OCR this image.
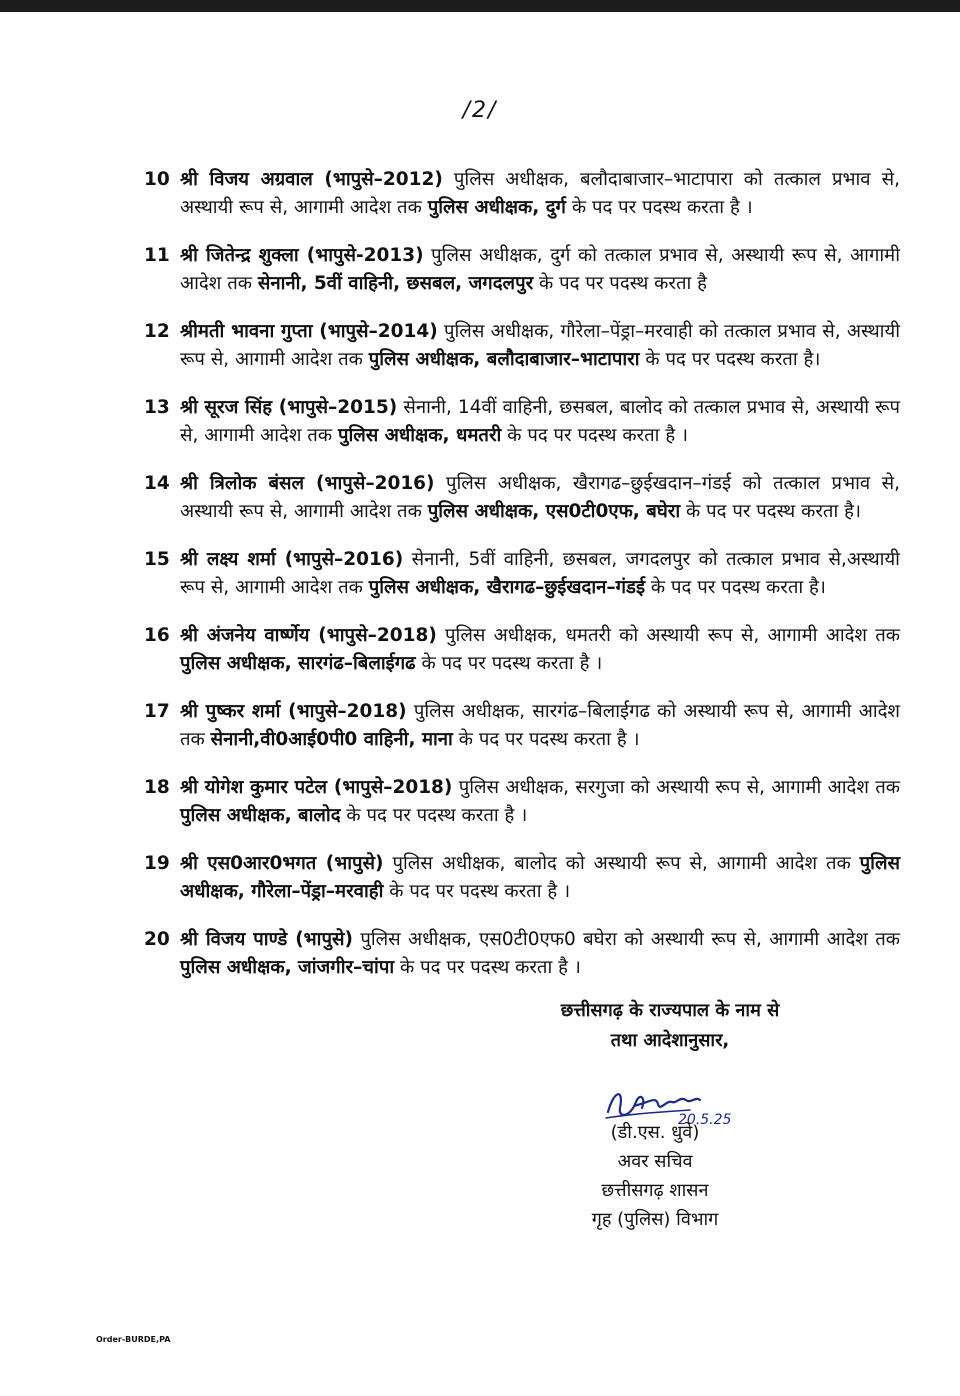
/2/
10 श्री विजय अग्रवाल (भापुसे–2012) पुलिस अधीक्षक, बलौदाबाजार–भाटापारा को तत्काल प्रभाव से, अस्थायी रूप से, आगामी आदेश तक पुलिस अधीक्षक, दुर्ग के पद पर पदस्थ करता है ।
11 श्री जितेन्द्र शुक्ला (भापुसे-2013) पुलिस अधीक्षक, दुर्ग को तत्काल प्रभाव से, अस्थायी रूप से, आगामी आदेश तक सेनानी, 5वीं वाहिनी, छसबल, जगदलपुर के पद पर पदस्थ करता है
12 श्रीमती भावना गुप्ता (भापुसे–2014) पुलिस अधीक्षक, गौरेला–पेंड्रा–मरवाही को तत्काल प्रभाव से, अस्थायी रूप से, आगामी आदेश तक पुलिस अधीक्षक, बलौदाबाजार–भाटापारा के पद पर पदस्थ करता है।
13 श्री सूरज सिंह (भापुसे–2015) सेनानी, 14वीं वाहिनी, छसबल, बालोद को तत्काल प्रभाव से, अस्थायी रूप से, आगामी आदेश तक पुलिस अधीक्षक, धमतरी के पद पर पदस्थ करता है ।
14 श्री त्रिलोक बंसल (भापुसे–2016) पुलिस अधीक्षक, खैरागढ–छुईखदान–गंडई को तत्काल प्रभाव से, अस्थायी रूप से, आगामी आदेश तक पुलिस अधीक्षक, एस0टी0एफ, बघेरा के पद पर पदस्थ करता है।
15 श्री लक्ष्य शर्मा (भापुसे–2016) सेनानी, 5वीं वाहिनी, छसबल, जगदलपुर को तत्काल प्रभाव से,अस्थायी रूप से, आगामी आदेश तक पुलिस अधीक्षक, खैरागढ–छुईखदान–गंडई के पद पर पदस्थ करता है।
16 श्री अंजनेय वार्ष्णेय (भापुसे–2018) पुलिस अधीक्षक, धमतरी को अस्थायी रूप से, आगामी आदेश तक पुलिस अधीक्षक, सारगंढ–बिलाईगढ के पद पर पदस्थ करता है ।
17 श्री पुष्कर शर्मा (भापुसे–2018) पुलिस अधीक्षक, सारगंढ–बिलाईगढ को अस्थायी रूप से, आगामी आदेश तक सेनानी,वी0आई0पी0 वाहिनी, माना के पद पर पदस्थ करता है ।
18 श्री योगेश कुमार पटेल (भापुसे–2018) पुलिस अधीक्षक, सरगुजा को अस्थायी रूप से, आगामी आदेश तक पुलिस अधीक्षक, बालोद के पद पर पदस्थ करता है ।
19 श्री एस0आर0भगत (भापुसे) पुलिस अधीक्षक, बालोद को अस्थायी रूप से, आगामी आदेश तक पुलिस अधीक्षक, गौरेला–पेंड्रा–मरवाही के पद पर पदस्थ करता है ।
20 श्री विजय पाण्डे (भापुसे) पुलिस अधीक्षक, एस0टी0एफ0 बघेरा को अस्थायी रूप से, आगामी आदेश तक पुलिस अधीक्षक, जांजगीर–चांपा के पद पर पदस्थ करता है ।
छत्तीसगढ़ के राज्यपाल के नाम से
तथा आदेशानुसार,
20.5.25
(डी.एस. धुवे)
अवर सचिव
छत्तीसगढ़ शासन
गृह (पुलिस) विभाग
Order-BURDE,PA
